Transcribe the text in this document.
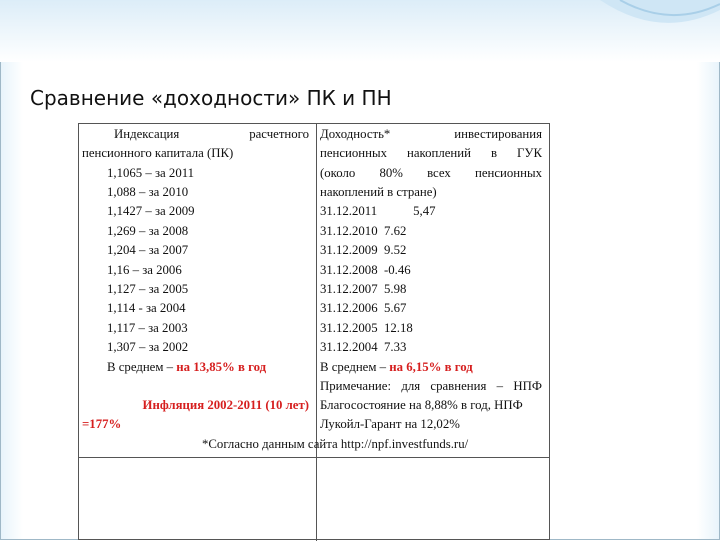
Сравнение «доходности» ПК и ПН
Индексация	расчетного
пенсионного капитала (ПК)
1,1065 – за 2011
1,088 – за 2010
1,1427 – за 2009
1,269 – за 2008
1,204 – за 2007
1,16 – за 2006
1,127 – за 2005
1,114 - за 2004
1,117 – за 2003
1,307 – за 2002
В среднем – на 13,85% в год
Инфляция 2002-2011 (10 лет)
=177%
Доходность*	инвестирования
пенсионных накоплений в ГУК
(около 80% всех пенсионных
накоплений в стране)
31.12.2011	5,47
31.12.2010 7.62
31.12.2009 9.52
31.12.2008 -0.46
31.12.2007 5.98
31.12.2006 5.67
31.12.2005 12.18
31.12.2004 7.33
В среднем – на 6,15% в год
Примечание: для сравнения – НПФ
Благосостояние на 8,88% в год, НПФ
Лукойл-Гарант на 12,02%
*Согласно данным сайта http://npf.investfunds.ru/
